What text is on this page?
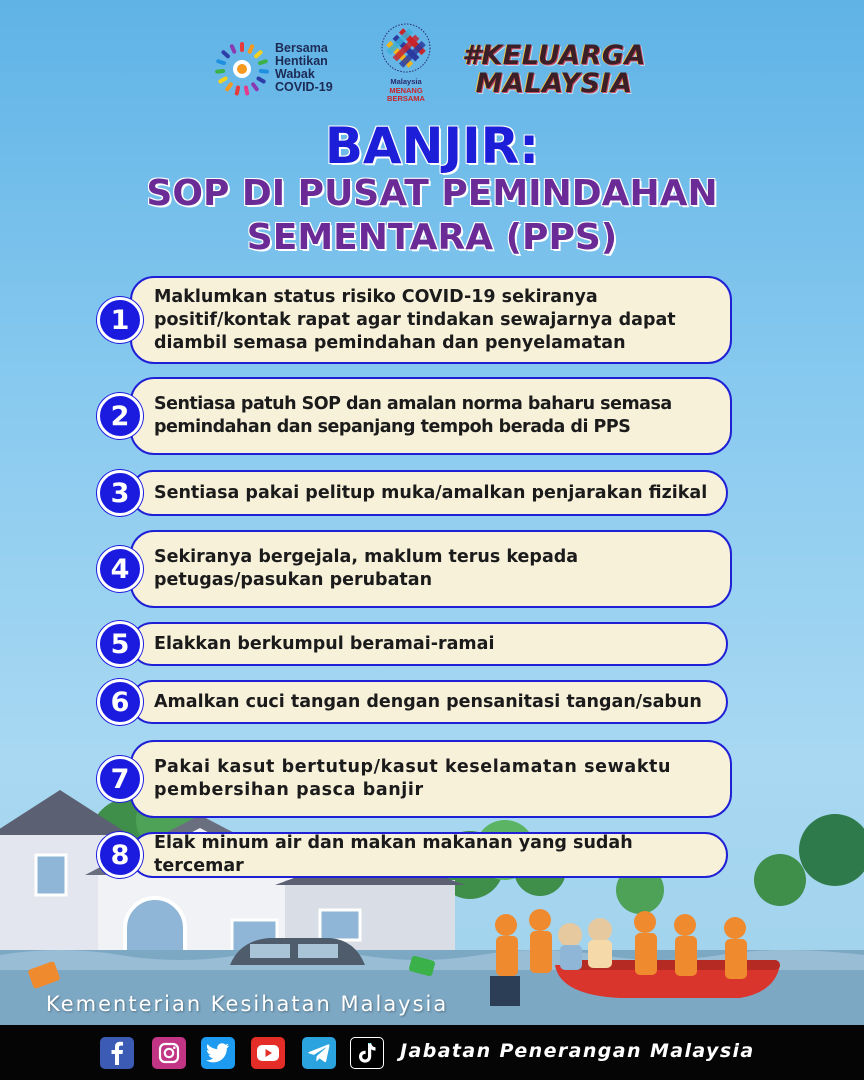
Bersama
Hentikan
Wabak
COVID-19	Malaysia
MENANG
BERSAMA
#KELUARGA
MALAYSIA
BANJIR:
SOP DI PUSAT PEMINDAHAN
SEMENTARA (PPS)
Maklumkan status risiko COVID-19 sekiranya positif/kontak rapat agar tindakan sewajarnya dapat diambil semasa pemindahan dan penyelamatan
1
Sentiasa patuh SOP dan amalan norma baharu semasa pemindahan dan sepanjang tempoh berada di PPS
2
Sentiasa pakai pelitup muka/amalkan penjarakan fizikal
3
Sekiranya bergejala, maklum terus kepada petugas/pasukan perubatan
4
Elakkan berkumpul beramai-ramai
5
Amalkan cuci tangan dengan pensanitasi tangan/sabun
6
Pakai kasut bertutup/kasut keselamatan sewaktu pembersihan pasca banjir
7
Elak minum air dan makan makanan yang sudah tercemar
8
Kementerian Kesihatan Malaysia
Jabatan Penerangan Malaysia
